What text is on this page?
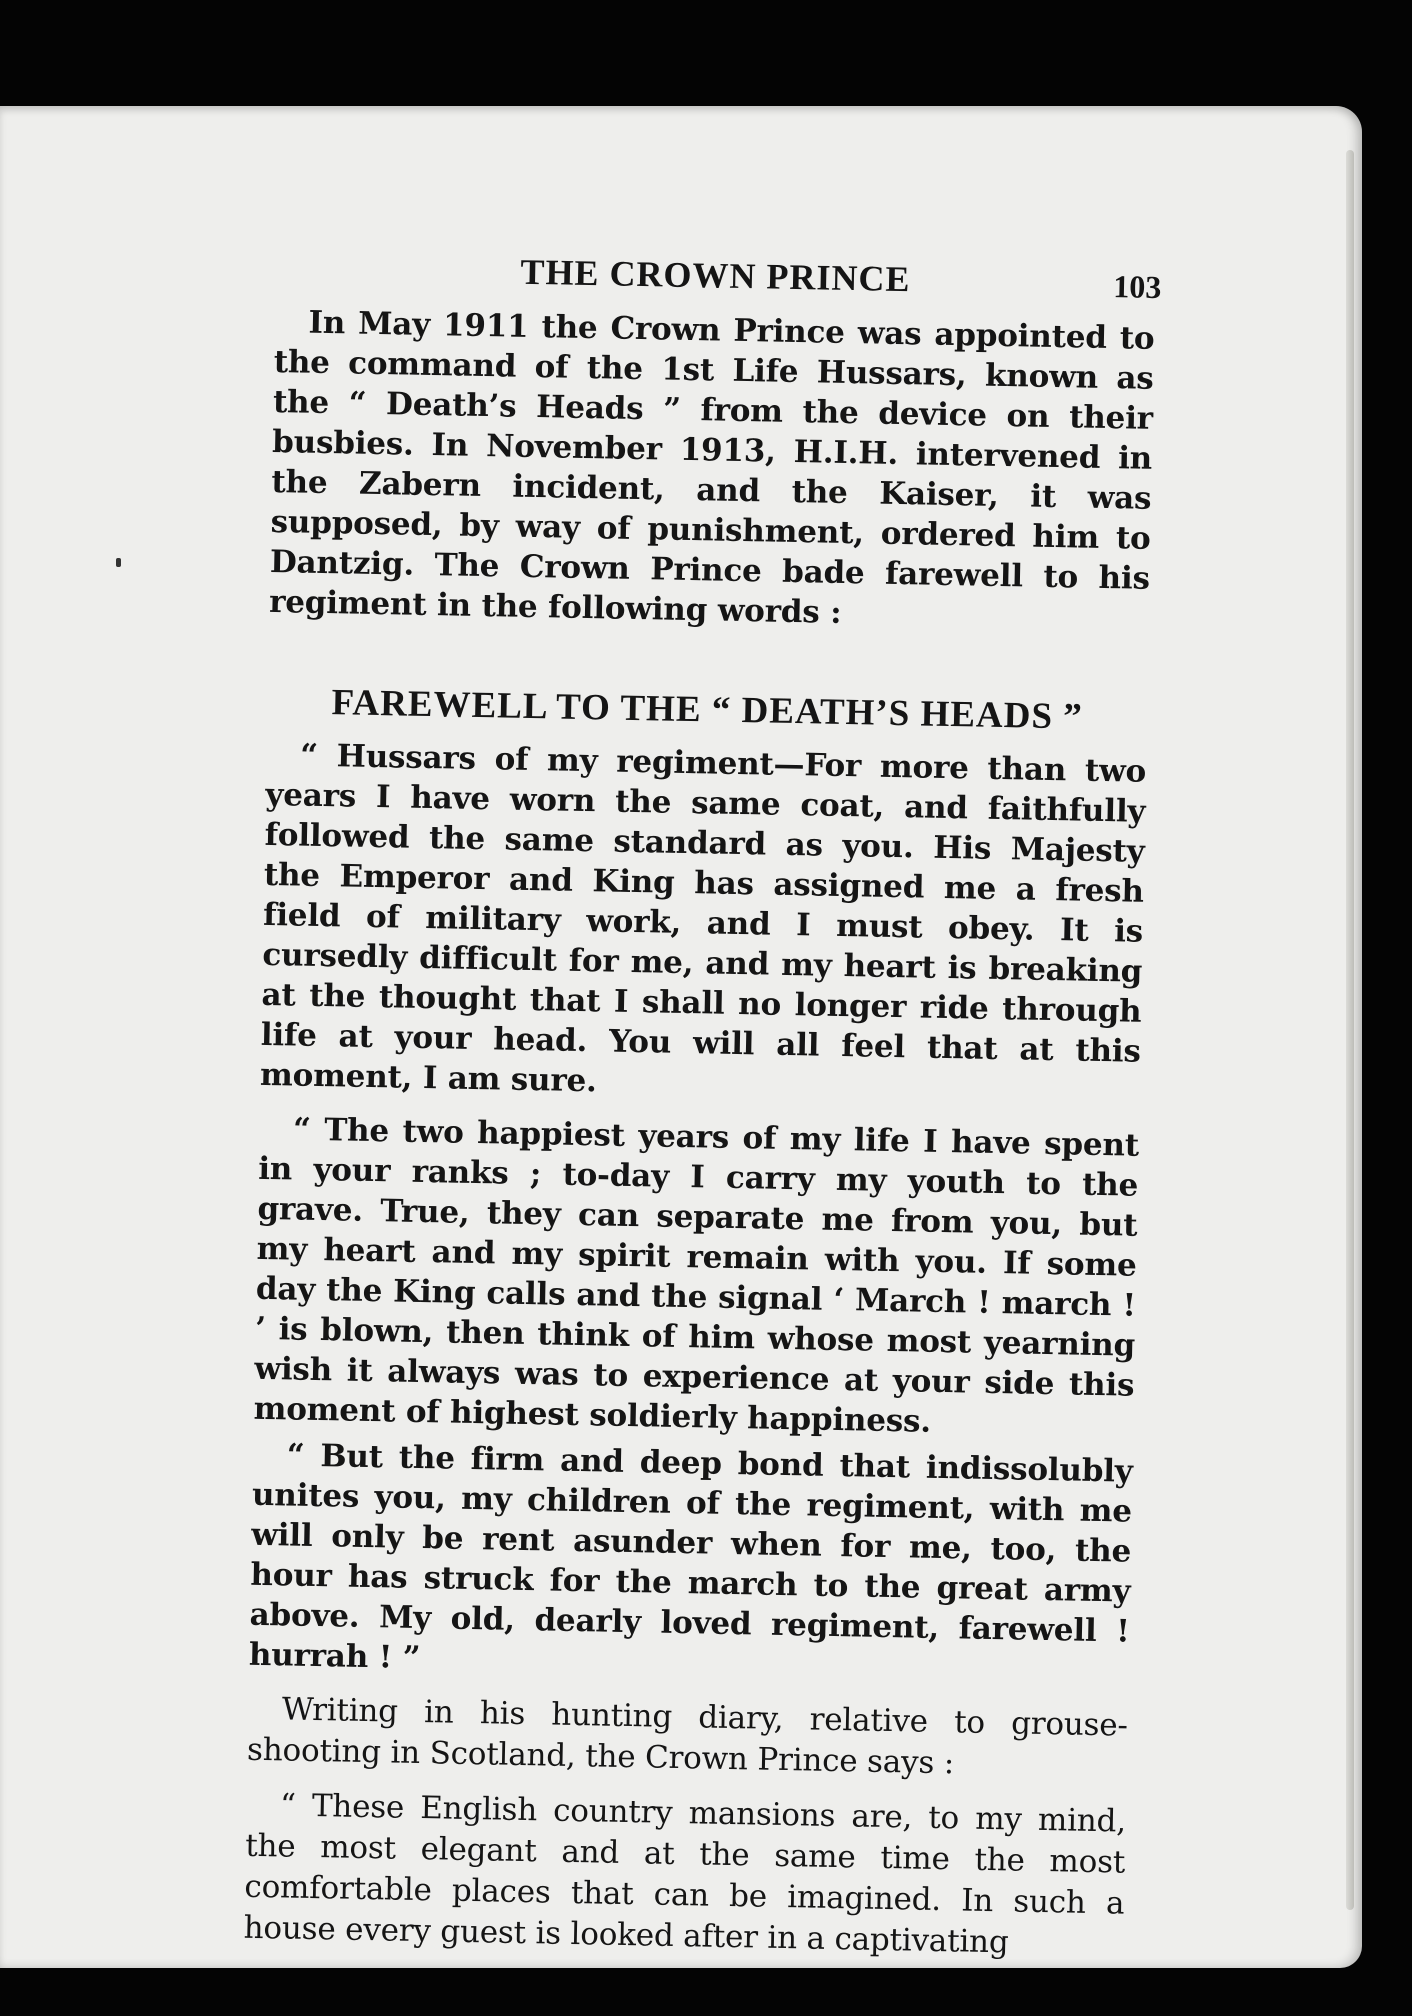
THE CROWN PRINCE	103

In May 1911 the Crown Prince was appointed to the command of the 1st Life Hussars, known as the “ Death’s Heads ” from the device on their busbies. In November 1913, H.I.H. intervened in the Zabern incident, and the Kaiser, it was supposed, by way of punishment, ordered him to Dantzig. The Crown Prince bade farewell to his regiment in the following words :

FAREWELL TO THE “ DEATH’S HEADS ”

“ Hussars of my regiment—For more than two years I have worn the same coat, and faithfully followed the same standard as you. His Majesty the Emperor and King has assigned me a fresh field of military work, and I must obey. It is cursedly difficult for me, and my heart is breaking at the thought that I shall no longer ride through life at your head. You will all feel that at this moment, I am sure.

“ The two happiest years of my life I have spent in your ranks ; to-day I carry my youth to the grave. True, they can separate me from you, but my heart and my spirit remain with you. If some day the King calls and the signal ‘ March ! march ! ’ is blown, then think of him whose most yearning wish it always was to experience at your side this moment of highest soldierly happiness.

“ But the firm and deep bond that indissolubly unites you, my children of the regiment, with me will only be rent asunder when for me, too, the hour has struck for the march to the great army above. My old, dearly loved regiment, farewell ! hurrah ! ”

Writing in his hunting diary, relative to grouse-shooting in Scotland, the Crown Prince says :

“ These English country mansions are, to my mind, the most elegant and at the same time the most comfortable places that can be imagined. In such a house every guest is looked after in a captivating
